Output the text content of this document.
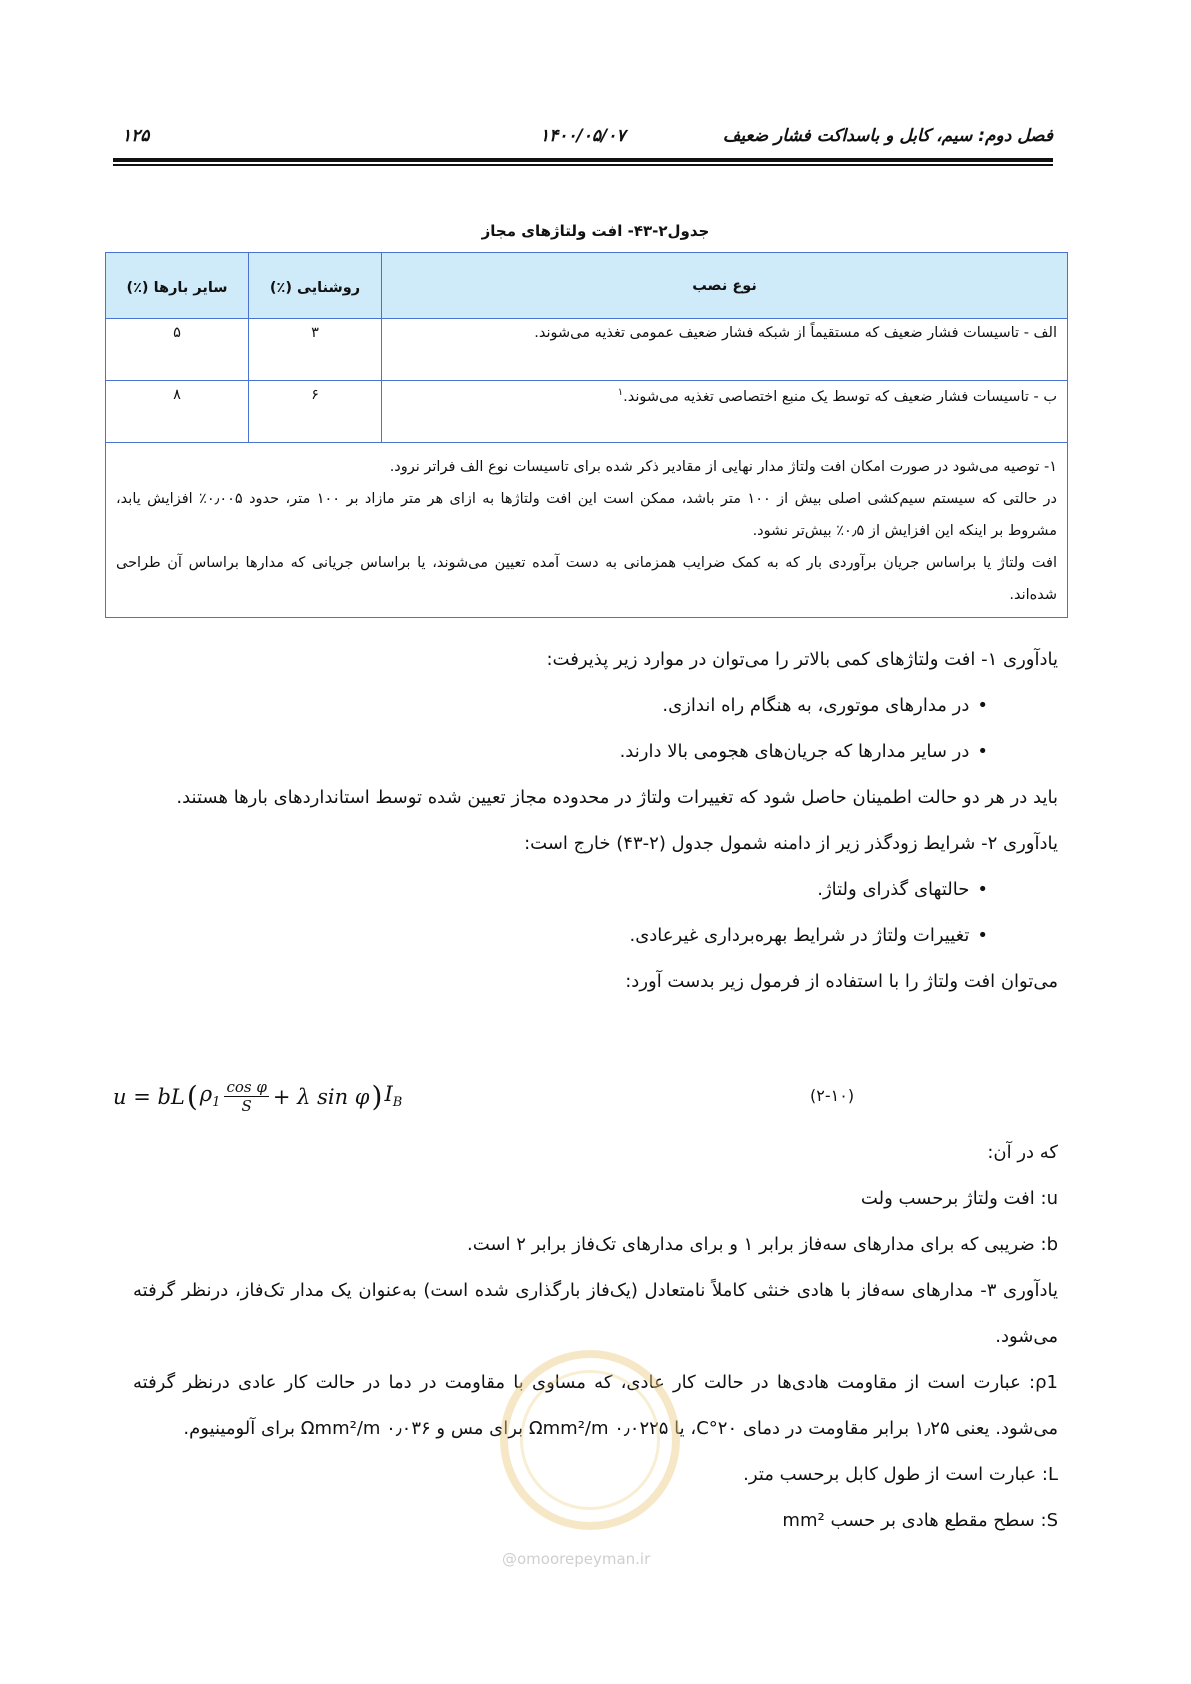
فصل دوم: سیم، کابل و باسداکت فشار ضعیف
۱۴۰۰/۰۵/۰۷
۱۲۵
جدول۲-۴۳- افت ولتاژهای مجاز
نوع نصب	روشنایی (٪)	سایر بارها (٪)
الف - تاسیسات فشار ضعیف که مستقیماً از شبکه فشار ضعیف عمومی تغذیه می‌شوند.	۳	۵
ب - تاسیسات فشار ضعیف که توسط یک منبع اختصاصی تغذیه می‌شوند.$^۱$	۶	۸

۱- توصیه می‌شود در صورت امکان افت ولتاژ مدار نهایی از مقادیر ذکر شده برای تاسیسات نوع الف فراتر نرود.

در حالتی که سیستم سیم‌کشی اصلی بیش از ۱۰۰ متر باشد، ممکن است این افت ولتاژها به ازای هر متر مازاد بر ۱۰۰ متر، حدود ۰٫۰۰۵٪ افزایش یابد، مشروط بر اینکه این افزایش از ۰٫۵٪ بیش‌تر نشود.

افت ولتاژ یا براساس جریان برآوردی بار که به کمک ضرایب همزمانی به دست آمده تعیین می‌شوند، یا براساس جریانی که مدارها براساس آن طراحی شده‌اند.		

یادآوری ۱- افت ولتاژهای کمی بالاتر را می‌توان در موارد زیر پذیرفت:

• در مدارهای موتوری، به هنگام راه اندازی.

• در سایر مدارها که جریان‌های هجومی بالا دارند.

باید در هر دو حالت اطمینان حاصل شود که تغییرات ولتاژ در محدوده مجاز تعیین شده توسط استانداردهای بارها هستند.

یادآوری ۲- شرایط زودگذر زیر از دامنه شمول جدول (۲-۴۳) خارج است:

• حالتهای گذرای ولتاژ.

• تغییرات ولتاژ در شرایط بهره‌برداری غیرعادی.

می‌توان افت ولتاژ را با استفاده از فرمول زیر بدست آورد:

u = bL ( $\rho_1 \frac{\text{cos φ}}{S} + \lambda$ sin φ ) $I_B$	(۲-۱۰)

که در آن:

u: افت ولتاژ برحسب ولت

b: ضریبی که برای مدارهای سه‌فاز برابر ۱ و برای مدارهای تک‌فاز برابر ۲ است.

یادآوری ۳- مدارهای سه‌فاز با هادی خنثی کاملاً نامتعادل (یک‌فاز بارگذاری شده است) به‌عنوان یک مدار تک‌فاز، درنظر گرفته می‌شود.

ρ1: عبارت است از مقاومت هادی‌ها در حالت کار عادی، که مساوی با مقاومت در دما در حالت کار عادی درنظر گرفته می‌شود. یعنی ۱٫۲۵ برابر مقاومت در دمای ۲۰°C، یا ۰٫۰۲۲۵ Ωmm²/m برای مس و ۰٫۰۳۶ Ωmm²/m برای آلومینیوم.

L: عبارت است از طول کابل برحسب متر.

S: سطح مقطع هادی بر حسب mm²

@omoorepeyman.ir
